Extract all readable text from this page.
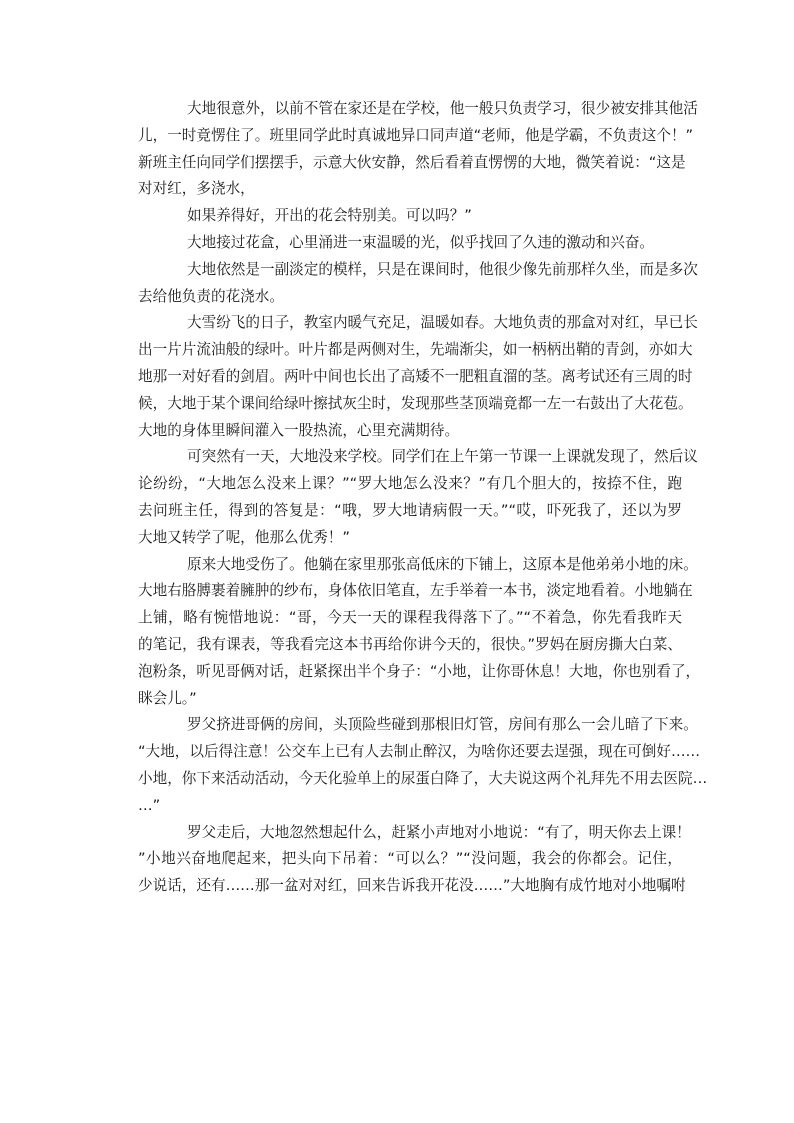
大地很意外，以前不管在家还是在学校，他一般只负责学习，很少被安排其他活
儿，一时竟愣住了。班里同学此时真诚地异口同声道“老师，他是学霸，不负责这个！”
新班主任向同学们摆摆手，示意大伙安静，然后看着直愣愣的大地，微笑着说：“这是
对对红，多浇水，
如果养得好，开出的花会特别美。可以吗？”
大地接过花盒，心里涌进一束温暖的光，似乎找回了久违的激动和兴奋。
大地依然是一副淡定的模样，只是在课间时，他很少像先前那样久坐，而是多次
去给他负责的花浇水。
大雪纷飞的日子，教室内暖气充足，温暖如春。大地负责的那盒对对红，早已长
出一片片流油般的绿叶。叶片都是两侧对生，先端渐尖，如一柄柄出鞘的青剑，亦如大
地那一对好看的剑眉。两叶中间也长出了高矮不一肥粗直溜的茎。离考试还有三周的时
候，大地于某个课间给绿叶擦拭灰尘时，发现那些茎顶端竟都一左一右鼓出了大花苞。
大地的身体里瞬间灌入一股热流，心里充满期待。
可突然有一天，大地没来学校。同学们在上午第一节课一上课就发现了，然后议
论纷纷，“大地怎么没来上课？”“罗大地怎么没来？”有几个胆大的，按捺不住，跑
去问班主任，得到的答复是：“哦，罗大地请病假一天。”“哎，吓死我了，还以为罗
大地又转学了呢，他那么优秀！”
原来大地受伤了。他躺在家里那张高低床的下铺上，这原本是他弟弟小地的床。
大地右胳膊裹着臃肿的纱布，身体依旧笔直，左手举着一本书，淡定地看着。小地躺在
上铺，略有惋惜地说：“哥，今天一天的课程我得落下了。”“不着急，你先看我昨天
的笔记，我有课表，等我看完这本书再给你讲今天的，很快。”罗妈在厨房撕大白菜、
泡粉条，听见哥俩对话，赶紧探出半个身子：“小地，让你哥休息！大地，你也别看了，
眯会儿。”
罗父挤进哥俩的房间，头顶险些碰到那根旧灯管，房间有那么一会儿暗了下来。
“大地，以后得注意！公交车上已有人去制止醉汉，为啥你还要去逞强，现在可倒好……
小地，你下来活动活动，今天化验单上的尿蛋白降了，大夫说这两个礼拜先不用去医院…
…”
罗父走后，大地忽然想起什么，赶紧小声地对小地说：“有了，明天你去上课！
”小地兴奋地爬起来，把头向下吊着：“可以么？”“没问题，我会的你都会。记住，
少说话，还有……那一盆对对红，回来告诉我开花没……”大地胸有成竹地对小地嘱咐
